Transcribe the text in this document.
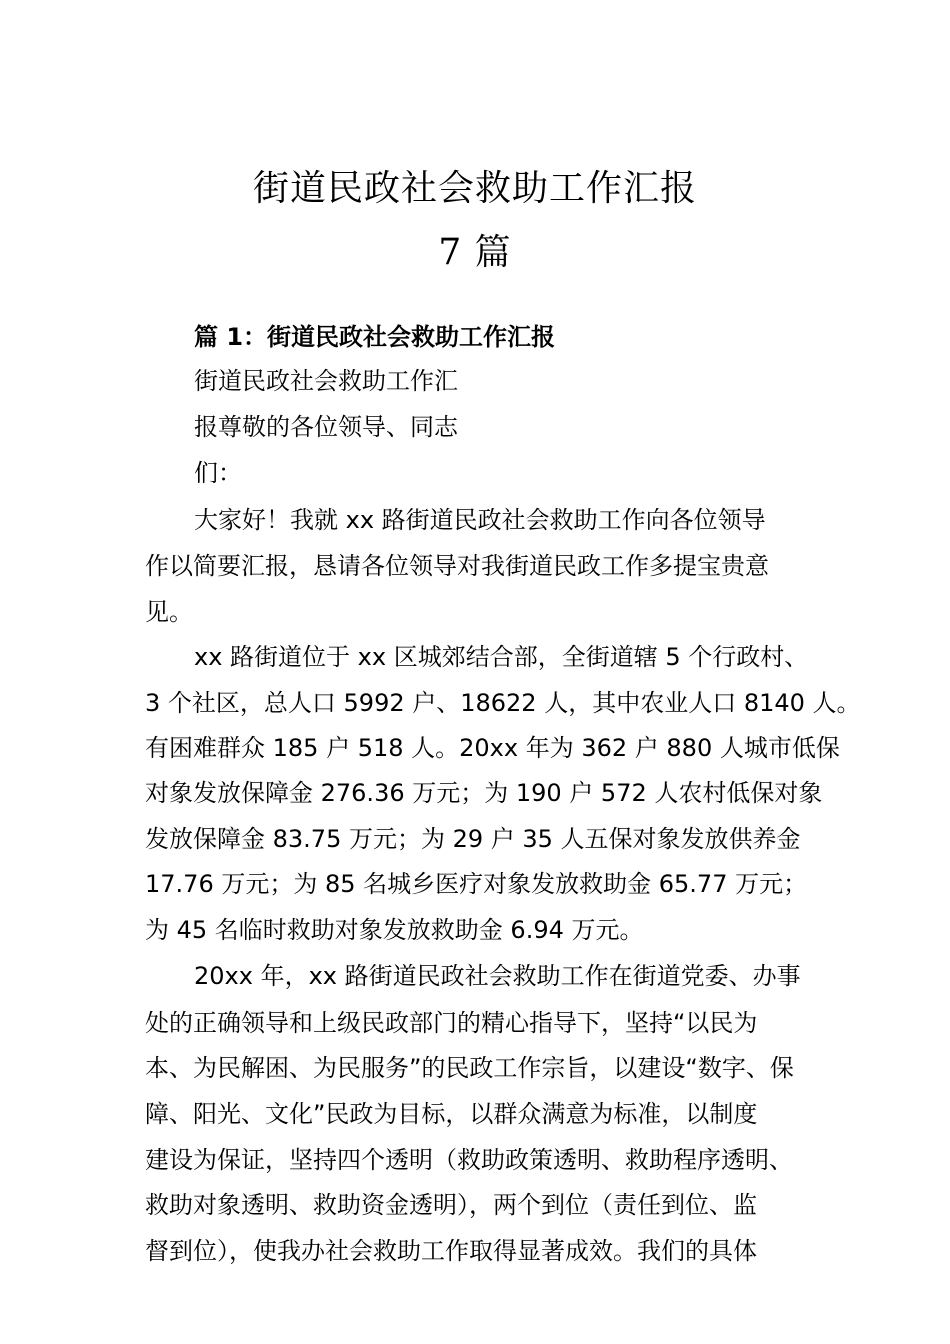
街道民政社会救助工作汇报
7 篇
篇 1：街道民政社会救助工作汇报
街道民政社会救助工作汇
报尊敬的各位领导、同志
们：
大家好！我就 xx 路街道民政社会救助工作向各位领导
作以简要汇报，恳请各位领导对我街道民政工作多提宝贵意
见。
xx 路街道位于 xx 区城郊结合部，全街道辖 5 个行政村、
3 个社区，总人口 5992 户、18622 人，其中农业人口 8140 人。
有困难群众 185 户 518 人。20xx 年为 362 户 880 人城市低保
对象发放保障金 276.36 万元；为 190 户 572 人农村低保对象
发放保障金 83.75 万元；为 29 户 35 人五保对象发放供养金
17.76 万元；为 85 名城乡医疗对象发放救助金 65.77 万元；
为 45 名临时救助对象发放救助金 6.94 万元。
20xx 年，xx 路街道民政社会救助工作在街道党委、办事
处的正确领导和上级民政部门的精心指导下，坚持“以民为
本、为民解困、为民服务”的民政工作宗旨，以建设“数字、保
障、阳光、文化”民政为目标，以群众满意为标准，以制度
建设为保证，坚持四个透明（救助政策透明、救助程序透明、
救助对象透明、救助资金透明），两个到位（责任到位、监
督到位），使我办社会救助工作取得显著成效。我们的具体
